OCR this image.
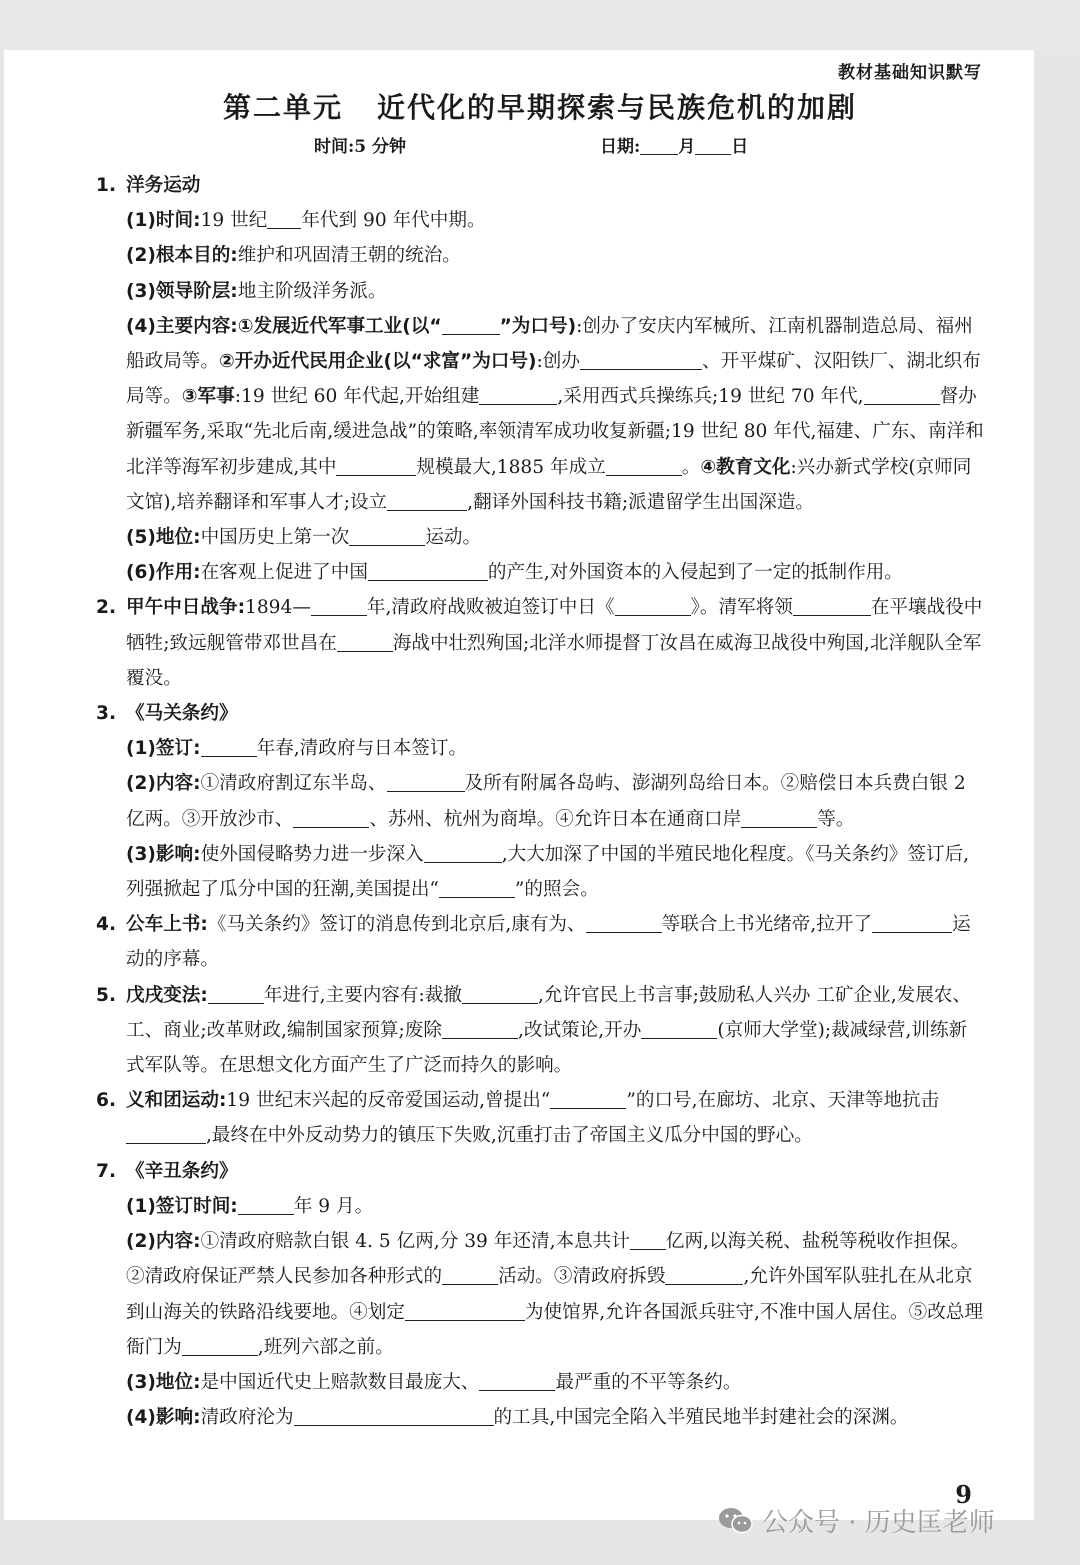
教材基础知识默写
第二单元 近代化的早期探索与民族危机的加剧
时间:5 分钟	日期: 月 日
1. 洋务运动
(1)时间:19 世纪 年代到 90 年代中期。
(2)根本目的:维护和巩固清王朝的统治。
(3)领导阶层:地主阶级洋务派。
(4)主要内容:①发展近代军事工业(以“	”为口号):创办了安庆内军械所、江南机器制造总局、福州船政局等。②开办近代民用企业(以“求富”为口号):创办	、开平煤矿、汉阳铁厂、湖北织布局等。③军事:19 世纪 60 年代起,开始组建	,采用西式兵操练兵;19 世纪 70 年代,	督办新疆军务,采取“先北后南,缓进急战”的策略,率领清军成功收复新疆;19 世纪 80 年代,福建、广东、南洋和北洋等海军初步建成,其中	规模最大,1885 年成立	。④教育文化:兴办新式学校(京师同文馆),培养翻译和军事人才;设立	,翻译外国科技书籍;派遣留学生出国深造。
(5)地位:中国历史上第一次	运动。
(6)作用:在客观上促进了中国	的产生,对外国资本的入侵起到了一定的抵制作用。
2. 甲午中日战争:1894—	年,清政府战败被迫签订中日《	》。清军将领	在平壤战役中牺牲;致远舰管带邓世昌在	海战中壮烈殉国;北洋水师提督丁汝昌在威海卫战役中殉国,北洋舰队全军覆没。
3. 《马关条约》
(1)签订:	年春,清政府与日本签订。
(2)内容:①清政府割辽东半岛、	及所有附属各岛屿、澎湖列岛给日本。②赔偿日本兵费白银 2 亿两。③开放沙市、	、苏州、杭州为商埠。④允许日本在通商口岸	等。
(3)影响:使外国侵略势力进一步深入	,大大加深了中国的半殖民地化程度。《马关条约》签订后,列强掀起了瓜分中国的狂潮,美国提出“	”的照会。
4. 公车上书:《马关条约》签订的消息传到北京后,康有为、	等联合上书光绪帝,拉开了	运动的序幕。
5. 戊戌变法:	年进行,主要内容有:裁撤	,允许官民上书言事;鼓励私人兴办 工矿企业,发展农、工、商业;改革财政,编制国家预算;废除	,改试策论,开办	(京师大学堂);裁减绿营,训练新式军队等。在思想文化方面产生了广泛而持久的影响。
6. 义和团运动:19 世纪末兴起的反帝爱国运动,曾提出“	”的口号,在廊坊、北京、天津等地抗击,最终在中外反动势力的镇压下失败,沉重打击了帝国主义瓜分中国的野心。
7. 《辛丑条约》
(1)签订时间:	年 9 月。
(2)内容:①清政府赔款白银 4. 5 亿两,分 39 年还清,本息共计 亿两,以海关税、盐税等税收作担保。②清政府保证严禁人民参加各种形式的	活动。③清政府拆毁	,允许外国军队驻扎在从北京到山海关的铁路沿线要地。④划定	为使馆界,允许各国派兵驻守,不准中国人居住。⑤改总理衙门为	,班列六部之前。
(3)地位:是中国近代史上赔款数目最庞大、	最严重的不平等条约。
(4)影响:清政府沦为	的工具,中国完全陷入半殖民地半封建社会的深渊。
9
公众号 · 历史匡老师
